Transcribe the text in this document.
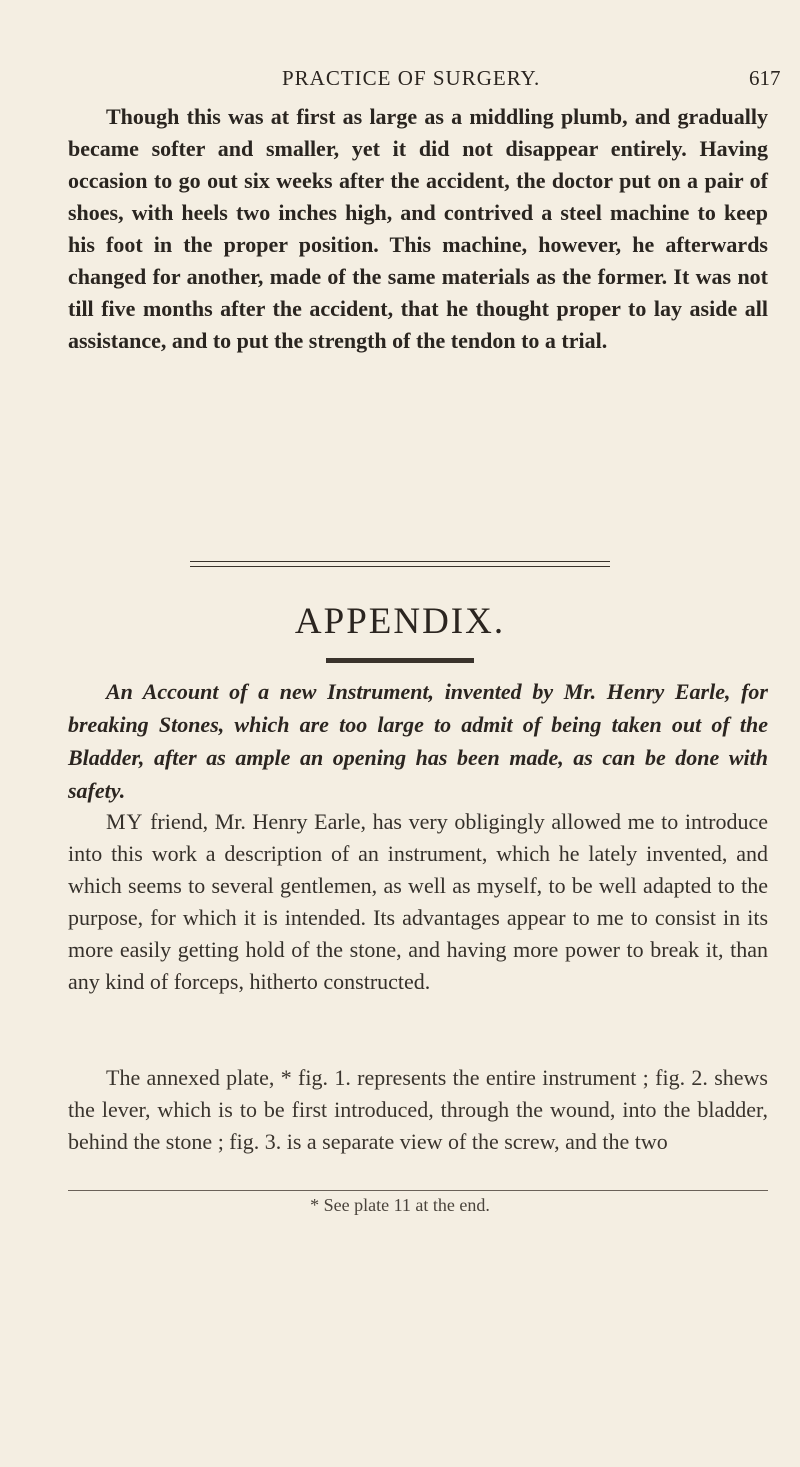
PRACTICE OF SURGERY.	617

Though this was at first as large as a middling plumb, and gradually became softer and smaller, yet it did not disappear entirely. Having occasion to go out six weeks after the accident, the doctor put on a pair of shoes, with heels two inches high, and contrived a steel machine to keep his foot in the proper position. This machine, however, he afterwards changed for another, made of the same materials as the former. It was not till five months after the accident, that he thought proper to lay aside all assistance, and to put the strength of the tendon to a trial.

APPENDIX.

An Account of a new Instrument, invented by Mr. Henry Earle, for breaking Stones, which are too large to admit of being taken out of the Bladder, after as ample an opening has been made, as can be done with safety.

MY friend, Mr. Henry Earle, has very obligingly allowed me to introduce into this work a description of an instrument, which he lately invented, and which seems to several gentlemen, as well as myself, to be well adapted to the purpose, for which it is intended. Its advantages appear to me to consist in its more easily getting hold of the stone, and having more power to break it, than any kind of forceps, hitherto constructed.

The annexed plate, * fig. 1. represents the entire instrument ; fig. 2. shews the lever, which is to be first introduced, through the wound, into the bladder, behind the stone ; fig. 3. is a separate view of the screw, and the two

* See plate 11 at the end.
